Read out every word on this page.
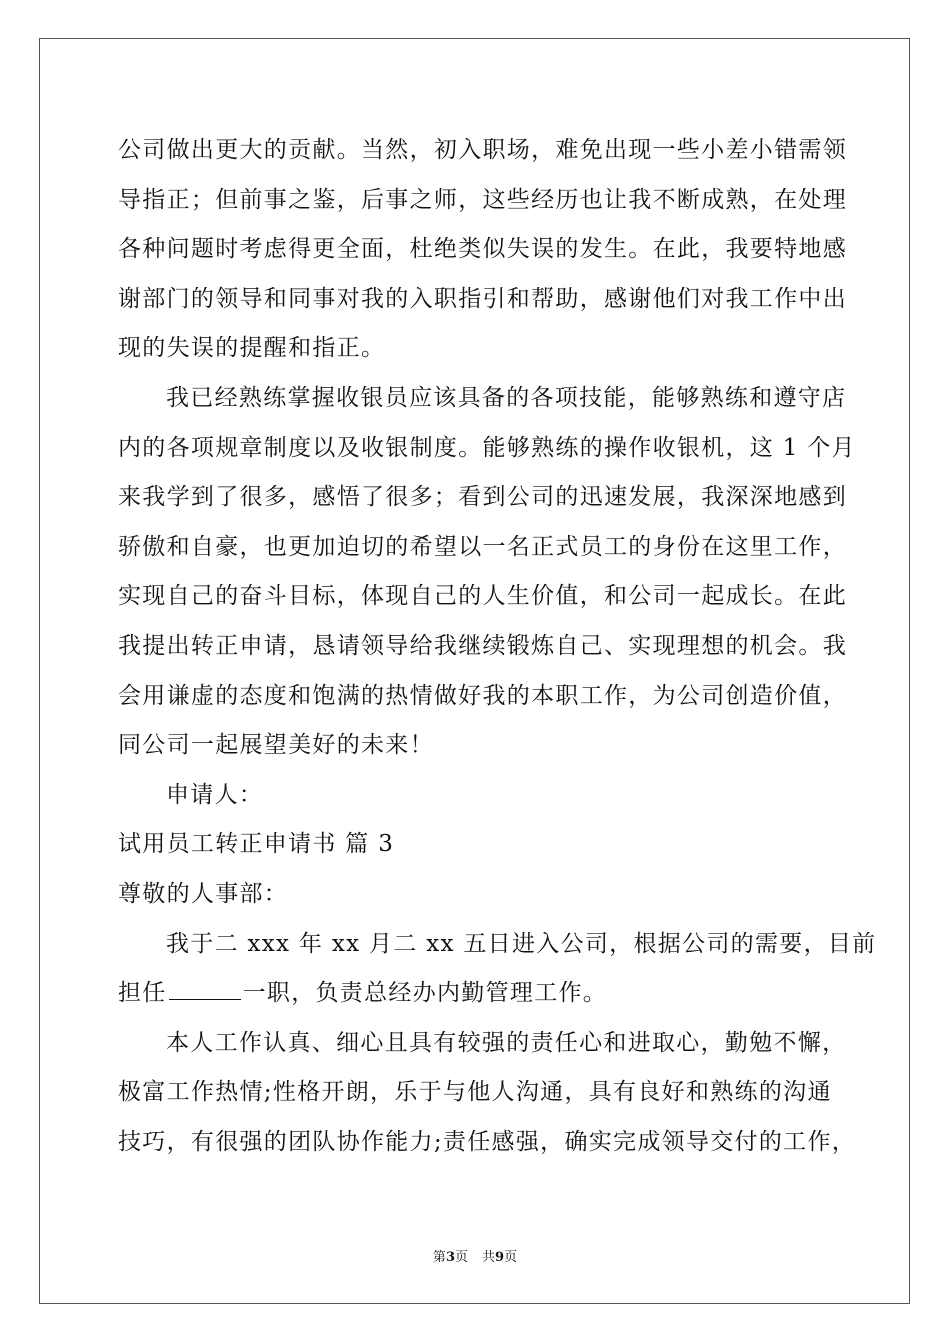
公司做出更大的贡献。当然，初入职场，难免出现一些小差小错需领
导指正；但前事之鉴，后事之师，这些经历也让我不断成熟，在处理
各种问题时考虑得更全面，杜绝类似失误的发生。在此，我要特地感
谢部门的领导和同事对我的入职指引和帮助，感谢他们对我工作中出
现的失误的提醒和指正。
我已经熟练掌握收银员应该具备的各项技能，能够熟练和遵守店
内的各项规章制度以及收银制度。能够熟练的操作收银机，这 1 个月
来我学到了很多，感悟了很多；看到公司的迅速发展，我深深地感到
骄傲和自豪，也更加迫切的希望以一名正式员工的身份在这里工作，
实现自己的奋斗目标，体现自己的人生价值，和公司一起成长。在此
我提出转正申请，恳请领导给我继续锻炼自己、实现理想的机会。我
会用谦虚的态度和饱满的热情做好我的本职工作，为公司创造价值，
同公司一起展望美好的未来！
申请人：
试用员工转正申请书 篇 3
尊敬的人事部：
我于二 xxx 年 xx 月二 xx 五日进入公司，根据公司的需要，目前
担任	一职，负责总经办内勤管理工作。
本人工作认真、细心且具有较强的责任心和进取心，勤勉不懈，
极富工作热情;性格开朗，乐于与他人沟通，具有良好和熟练的沟通
技巧，有很强的团队协作能力;责任感强，确实完成领导交付的工作，
第3页 共9页
